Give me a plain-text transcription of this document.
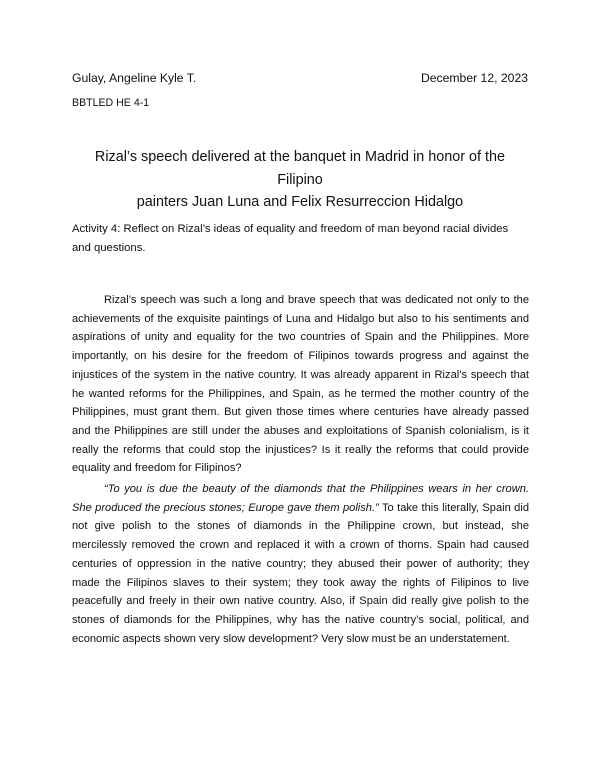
Gulay, Angeline Kyle T.	December 12, 2023
BBTLED HE 4-1
Rizal’s speech delivered at the banquet in Madrid in honor of the Filipino
painters Juan Luna and Felix Resurreccion Hidalgo
Activity 4: Reflect on Rizal’s ideas of equality and freedom of man beyond racial divides and questions.

Rizal’s speech was such a long and brave speech that was dedicated not only to the achievements of the exquisite paintings of Luna and Hidalgo but also to his sentiments and aspirations of unity and equality for the two countries of Spain and the Philippines. More importantly, on his desire for the freedom of Filipinos towards progress and against the injustices of the system in the native country. It was already apparent in Rizal’s speech that he wanted reforms for the Philippines, and Spain, as he termed the mother country of the Philippines, must grant them. But given those times where centuries have already passed and the Philippines are still under the abuses and exploitations of Spanish colonialism, is it really the reforms that could stop the injustices? Is it really the reforms that could provide equality and freedom for Filipinos?

“To you is due the beauty of the diamonds that the Philippines wears in her crown. She produced the precious stones; Europe gave them polish.” To take this literally, Spain did not give polish to the stones of diamonds in the Philippine crown, but instead, she mercilessly removed the crown and replaced it with a crown of thorns. Spain had caused centuries of oppression in the native country; they abused their power of authority; they made the Filipinos slaves to their system; they took away the rights of Filipinos to live peacefully and freely in their own native country. Also, if Spain did really give polish to the stones of diamonds for the Philippines, why has the native country’s social, political, and economic aspects shown very slow development? Very slow must be an understatement.
